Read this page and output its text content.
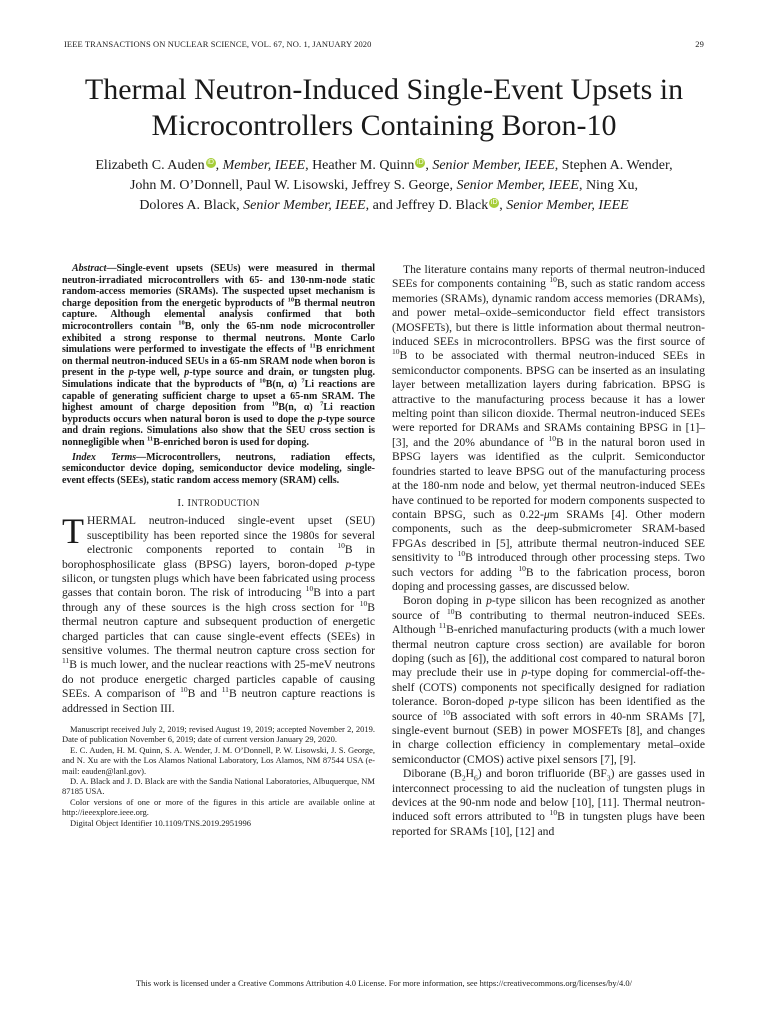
IEEE TRANSACTIONS ON NUCLEAR SCIENCE, VOL. 67, NO. 1, JANUARY 2020	29
Thermal Neutron-Induced Single-Event Upsets in
Microcontrollers Containing Boron-10
Elizabeth C. Auden iD , Member, IEEE, Heather M. Quinn iD , Senior Member, IEEE, Stephen A. Wender,
John M. O’Donnell, Paul W. Lisowski, Jeffrey S. George, Senior Member, IEEE, Ning Xu,
Dolores A. Black, Senior Member, IEEE, and Jeffrey D. Black iD , Senior Member, IEEE

Abstract—Single-event upsets (SEUs) were measured in thermal neutron-irradiated microcontrollers with 65- and 130-nm-node static random-access memories (SRAMs). The suspected upset mechanism is charge deposition from the energetic byproducts of $^{10}$B thermal neutron capture. Although elemental analysis confirmed that both microcontrollers contain $^{10}$B, only the 65-nm node microcontroller exhibited a strong response to thermal neutrons. Monte Carlo simulations were performed to investigate the effects of $^{11}$B enrichment on thermal neutron-induced SEUs in a 65-nm SRAM node when boron is present in the p-type well, p-type source and drain, or tungsten plug. Simulations indicate that the byproducts of $^{10}$B(n, α) $^7$Li reactions are capable of generating sufficient charge to upset a 65-nm SRAM. The highest amount of charge deposition from $^{10}$B(n, α) $^7$Li reaction byproducts occurs when natural boron is used to dope the p-type source and drain regions. Simulations also show that the SEU cross section is nonnegligible when $^{11}$B-enriched boron is used for doping.

Index Terms—Microcontrollers, neutrons, radiation effects, semiconductor device doping, semiconductor device modeling, single-event effects (SEEs), static random access memory (SRAM) cells.

I. INTRODUCTION

THERMAL neutron-induced single-event upset (SEU) susceptibility has been reported since the 1980s for several electronic components reported to contain $^{10}$B in borophosphosilicate glass (BPSG) layers, boron-doped p-type silicon, or tungsten plugs which have been fabricated using process gasses that contain boron. The risk of introducing $^{10}$B into a part through any of these sources is the high cross section for $^{10}$B thermal neutron capture and subsequent production of energetic charged particles that can cause single-event effects (SEEs) in sensitive volumes. The thermal neutron capture cross section for $^{11}$B is much lower, and the nuclear reactions with 25-meV neutrons do not produce energetic charged particles capable of causing SEEs. A comparison of $^{10}$B and $^{11}$B neutron capture reactions is addressed in Section III.

Manuscript received July 2, 2019; revised August 19, 2019; accepted November 2, 2019. Date of publication November 6, 2019; date of current version January 29, 2020.

E. C. Auden, H. M. Quinn, S. A. Wender, J. M. O’Donnell, P. W. Lisowski, J. S. George, and N. Xu are with the Los Alamos National Laboratory, Los Alamos, NM 87544 USA (e-mail: eauden@lanl.gov).

D. A. Black and J. D. Black are with the Sandia National Laboratories, Albuquerque, NM 87185 USA.

Color versions of one or more of the figures in this article are available online at http://ieeexplore.ieee.org.

Digital Object Identifier 10.1109/TNS.2019.2951996

The literature contains many reports of thermal neutron-induced SEEs for components containing $^{10}$B, such as static random access memories (SRAMs), dynamic random access memories (DRAMs), and power metal–oxide–semiconductor field effect transistors (MOSFETs), but there is little information about thermal neutron-induced SEEs in microcontrollers. BPSG was the first source of $^{10}$B to be associated with thermal neutron-induced SEEs in semiconductor components. BPSG can be inserted as an insulating layer between metallization layers during fabrication. BPSG is attractive to the manufacturing process because it has a lower melting point than silicon dioxide. Thermal neutron-induced SEEs were reported for DRAMs and SRAMs containing BPSG in [1]–[3], and the 20% abundance of $^{10}$B in the natural boron used in BPSG layers was identified as the culprit. Semiconductor foundries started to leave BPSG out of the manufacturing process at the 180-nm node and below, yet thermal neutron-induced SEEs have continued to be reported for modern components suspected to contain BPSG, such as 0.22-μm SRAMs [4]. Other modern components, such as the deep-submicrometer SRAM-based FPGAs described in [5], attribute thermal neutron-induced SEE sensitivity to $^{10}$B introduced through other processing steps. Two such vectors for adding $^{10}$B to the fabrication process, boron doping and processing gasses, are discussed below.

Boron doping in p-type silicon has been recognized as another source of $^{10}$B contributing to thermal neutron-induced SEEs. Although $^{11}$B-enriched manufacturing products (with a much lower thermal neutron capture cross section) are available for boron doping (such as [6]), the additional cost compared to natural boron may preclude their use in p-type doping for commercial-off-the-shelf (COTS) components not specifically designed for radiation tolerance. Boron-doped p-type silicon has been identified as the source of $^{10}$B associated with soft errors in 40-nm SRAMs [7], single-event burnout (SEB) in power MOSFETs [8], and changes in charge collection efficiency in complementary metal–oxide semiconductor (CMOS) active pixel sensors [7], [9].

Diborane $(B_2H_6)$ and boron trifluoride $(BF_3)$ are gasses used in interconnect processing to aid the nucleation of tungsten plugs in devices at the 90-nm node and below [10], [11]. Thermal neutron-induced soft errors attributed to $^{10}$B in tungsten plugs have been reported for SRAMs [10], [12] and

This work is licensed under a Creative Commons Attribution 4.0 License. For more information, see https://creativecommons.org/licenses/by/4.0/
